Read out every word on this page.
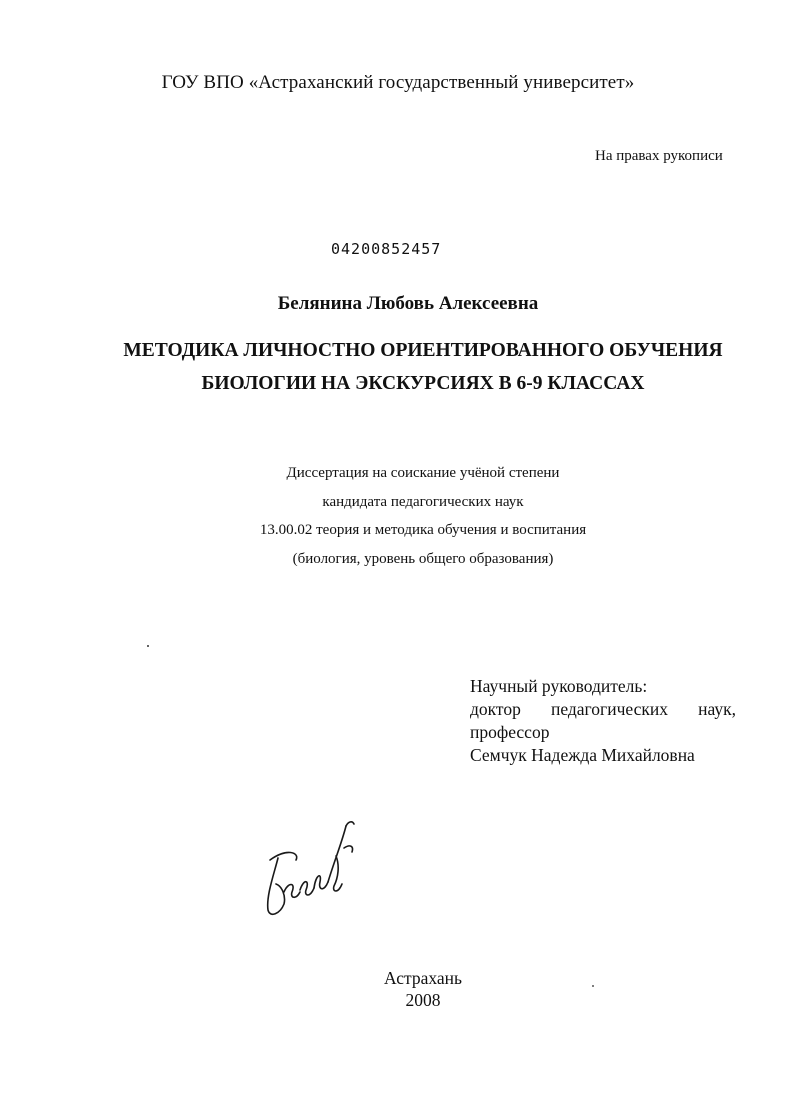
ГОУ ВПО «Астраханский государственный университет»
На правах рукописи
04200852457
Белянина Любовь Алексеевна
МЕТОДИКА ЛИЧНОСТНО ОРИЕНТИРОВАННОГО ОБУЧЕНИЯ
БИОЛОГИИ НА ЭКСКУРСИЯХ В 6-9 КЛАССАХ
Диссертация на соискание учёной степени
кандидата педагогических наук
13.00.02 теория и методика обучения и воспитания
(биология, уровень общего образования)
Научный руководитель:
доктор педагогических наук,
профессор
Семчук Надежда Михайловна
Астрахань
2008
